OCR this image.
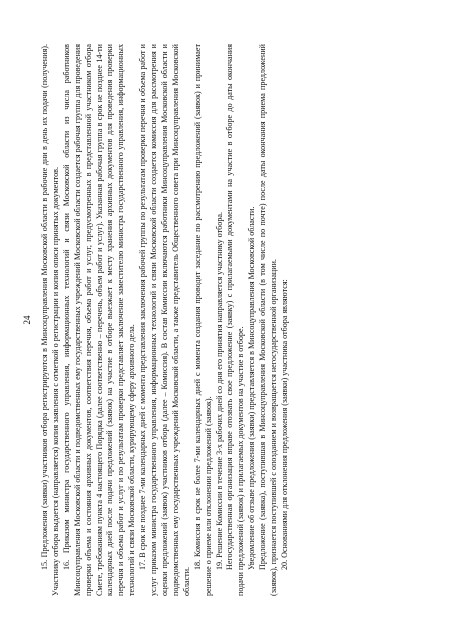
24 15. Предложения (заявки) участников отбора регистрируются в Минсоцуправления Московской области в рабочие дни в день их подачи (получения). Участнику отбора выдается (направляется) копия заявления с отметкой о регистрации и копия описи принятых документов. 16. Приказом министра государственного управления, информационных технологий и связи Московской области из числа работников Минсоцуправления Московской области и подведомственных ему государственных учреждений Московской области создается рабочая группа для проведения проверки объема и состояния архивных документов, соответствия перечня, объема работ и услуг, предусмотренных в представленной участником отбора Смете, требованиям пункта 4 настоящего Порядка (далее соответственно – перечень, объем работ и услуг). Указанная рабочая группа в срок не позднее 14-ти календарных дней после подачи предложений (заявок) на участие в отборе выезжает к месту хранения архивных документов для проведения проверки перечня и объема работ и услуг и по результатам проверки представляет заключение заместителю министра государственного управления, информационных технологий и связи Московской области, курирующему сферу архивного дела. 17. В срок не позднее 7-ми календарных дней с момента представления заключения рабочей группы по результатам проверки перечня и объема работ и услуг приказом министра государственного управления, информационных технологий и связи Московской области создается комиссия для рассмотрения и оценки предложений (заявок) участников отбора (далее – Комиссия). В состав Комиссии включаются работники Минсоцуправления Московской области и подведомственных ему государственных учреждений Московской области, а также представитель Общественного совета при Минсоцуправления Московской области.

18. Комиссия в срок не более 7-ми календарных дней с момента создания проводит заседание по рассмотрению предложений (заявок) и принимает решение о приеме или отклонении предложений (заявок). 19. Решение Комиссии в течение 3-х рабочих дней со дня его принятия направляется участнику отбора. Негосударственная организация вправе отозвать свое предложение (заявку) с прилагаемыми документами на участие в отборе до даты окончания подачи предложений (заявок) и прилагаемых документов на участие в отборе. Уведомление об отзыве предложения (заявки) представляется в Минсоцуправления Московской области. Предложение (заявка), поступившая в Минсоцуправления Московской области (в том числе по почте) после даты окончания приема предложений (заявок), признается поступившей с опозданием и возвращается негосударственной организации. 20. Основаниями для отклонения предложения (заявки) участника отбора являются:
